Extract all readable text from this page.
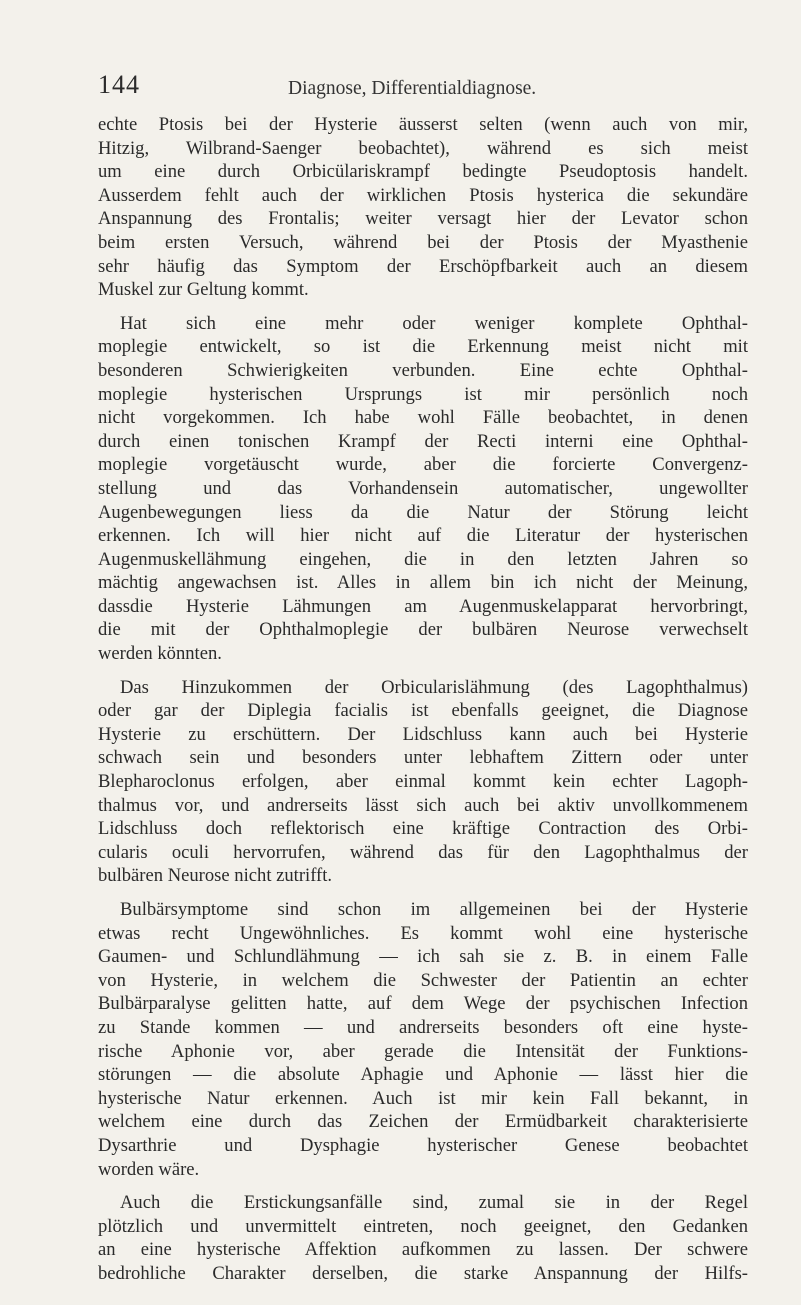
144	Diagnose, Differentialdiagnose.
echte Ptosis bei der Hysterie äusserst selten (wenn auch von mir,
Hitzig, Wilbrand-Saenger beobachtet), während es sich meist
um eine durch Orbicülariskrampf bedingte Pseudoptosis handelt.
Ausserdem fehlt auch der wirklichen Ptosis hysterica die sekundäre
Anspannung des Frontalis; weiter versagt hier der Levator schon
beim ersten Versuch, während bei der Ptosis der Myasthenie
sehr häufig das Symptom der Erschöpfbarkeit auch an diesem
Muskel zur Geltung kommt.
Hat sich eine mehr oder weniger komplete Ophthal-
moplegie entwickelt, so ist die Erkennung meist nicht mit
besonderen Schwierigkeiten verbunden. Eine echte Ophthal-
moplegie hysterischen Ursprungs ist mir persönlich noch
nicht vorgekommen. Ich habe wohl Fälle beobachtet, in denen
durch einen tonischen Krampf der Recti interni eine Ophthal-
moplegie vorgetäuscht wurde, aber die forcierte Convergenz-
stellung und das Vorhandensein automatischer, ungewollter
Augenbewegungen liess da die Natur der Störung leicht
erkennen. Ich will hier nicht auf die Literatur der hysterischen
Augenmuskellähmung eingehen, die in den letzten Jahren so
mächtig angewachsen ist. Alles in allem bin ich nicht der Meinung,
dassdie Hysterie Lähmungen am Augenmuskelapparat hervorbringt,
die mit der Ophthalmoplegie der bulbären Neurose verwechselt
werden könnten.
Das Hinzukommen der Orbicularislähmung (des Lagophthalmus)
oder gar der Diplegia facialis ist ebenfalls geeignet, die Diagnose
Hysterie zu erschüttern. Der Lidschluss kann auch bei Hysterie
schwach sein und besonders unter lebhaftem Zittern oder unter
Blepharoclonus erfolgen, aber einmal kommt kein echter Lagoph-
thalmus vor, und andrerseits lässt sich auch bei aktiv unvollkommenem
Lidschluss doch reflektorisch eine kräftige Contraction des Orbi-
cularis oculi hervorrufen, während das für den Lagophthalmus der
bulbären Neurose nicht zutrifft.
Bulbärsymptome sind schon im allgemeinen bei der Hysterie
etwas recht Ungewöhnliches. Es kommt wohl eine hysterische
Gaumen- und Schlundlähmung — ich sah sie z. B. in einem Falle
von Hysterie, in welchem die Schwester der Patientin an echter
Bulbärparalyse gelitten hatte, auf dem Wege der psychischen Infection
zu Stande kommen — und andrerseits besonders oft eine hyste-
rische Aphonie vor, aber gerade die Intensität der Funktions-
störungen — die absolute Aphagie und Aphonie — lässt hier die
hysterische Natur erkennen. Auch ist mir kein Fall bekannt, in
welchem eine durch das Zeichen der Ermüdbarkeit charakterisierte
Dysarthrie und Dysphagie hysterischer Genese beobachtet
worden wäre.
Auch die Erstickungsanfälle sind, zumal sie in der Regel
plötzlich und unvermittelt eintreten, noch geeignet, den Gedanken
an eine hysterische Affektion aufkommen zu lassen. Der schwere
bedrohliche Charakter derselben, die starke Anspannung der Hilfs-
